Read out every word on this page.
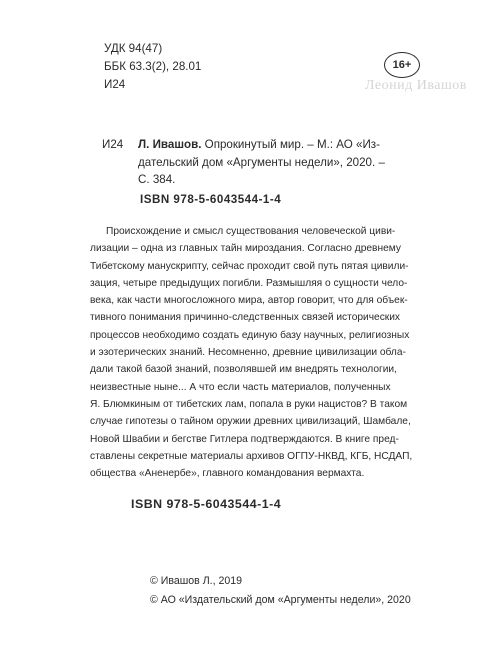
Леонид Ивашов
УДК 94(47)
ББК 63.3(2), 28.01
И24
16+
И24 Л. Ивашов. Опрокинутый мир. – М.: АО «Из-
дательский дом «Аргументы недели», 2020. –
С. 384.
ISBN 978-5-6043544-1-4
Происхождение и смысл существования человеческой циви-
лизации – одна из главных тайн мироздания. Согласно древнему
Тибетскому манускрипту, сейчас проходит свой путь пятая цивили-
зация, четыре предыдущих погибли. Размышляя о сущности чело-
века, как части многосложного мира, автор говорит, что для объек-
тивного понимания причинно-следственных связей исторических
процессов необходимо создать единую базу научных, религиозных
и эзотерических знаний. Несомненно, древние цивилизации обла-
дали такой базой знаний, позволявшей им внедрять технологии,
неизвестные ныне... А что если часть материалов, полученных
Я. Блюмкиным от тибетских лам, попала в руки нацистов? В таком
случае гипотезы о тайном оружии древних цивилизаций, Шамбале,
Новой Швабии и бегстве Гитлера подтверждаются. В книге пред-
ставлены секретные материалы архивов ОГПУ-НКВД, КГБ, НСДАП,
общества «Аненербе», главного командования вермахта.
ISBN 978-5-6043544-1-4
© Ивашов Л., 2019
© АО «Издательский дом «Аргументы недели», 2020
